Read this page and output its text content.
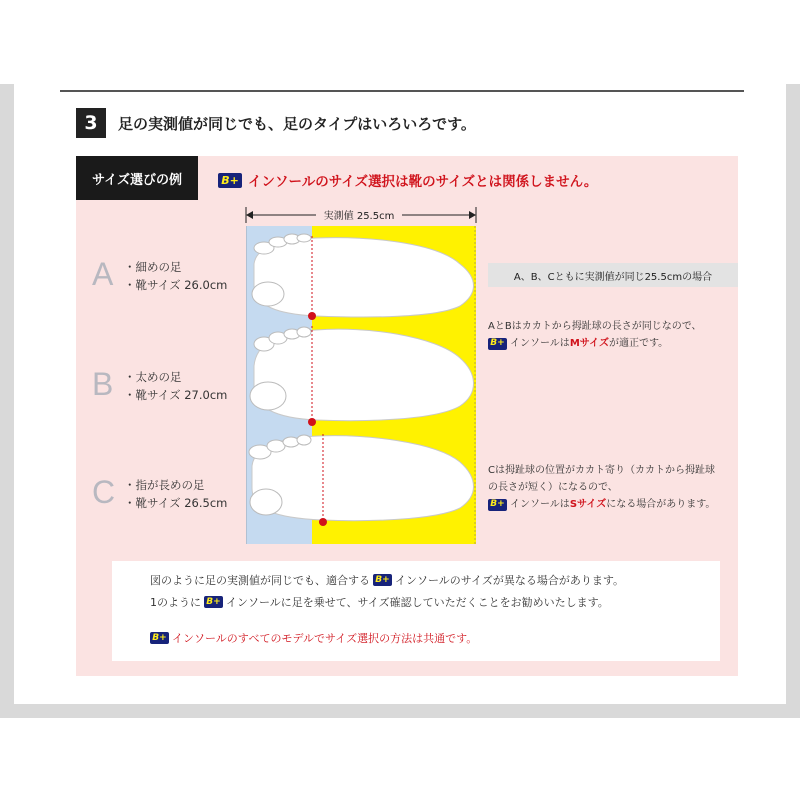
3	足の実測値が同じでも、足のタイプはいろいろです。
サイズ選びの例	B+ インソールのサイズ選択は靴のサイズとは関係しません。
実測値 25.5cm
A ・細めの足
・靴サイズ 26.0cm
B ・太めの足
・靴サイズ 27.0cm
C ・指が長めの足
・靴サイズ 26.5cm
A、B、Cともに実測値が同じ25.5cmの場合
AとBはカカトから拇趾球の長さが同じなので、
B+ インソールは Mサイズ が適正です。
Cは拇趾球の位置がカカト寄り（カカトから拇趾球
の長さが短く）になるので、
B+ インソールは Sサイズ になる場合があります。
図のように足の実測値が同じでも、適合する B+ インソールのサイズが異なる場合があります。
1のように B+ インソールに足を乗せて、サイズ確認していただくことをお勧めいたします。
B+ インソールのすべてのモデルでサイズ選択の方法は共通です。
